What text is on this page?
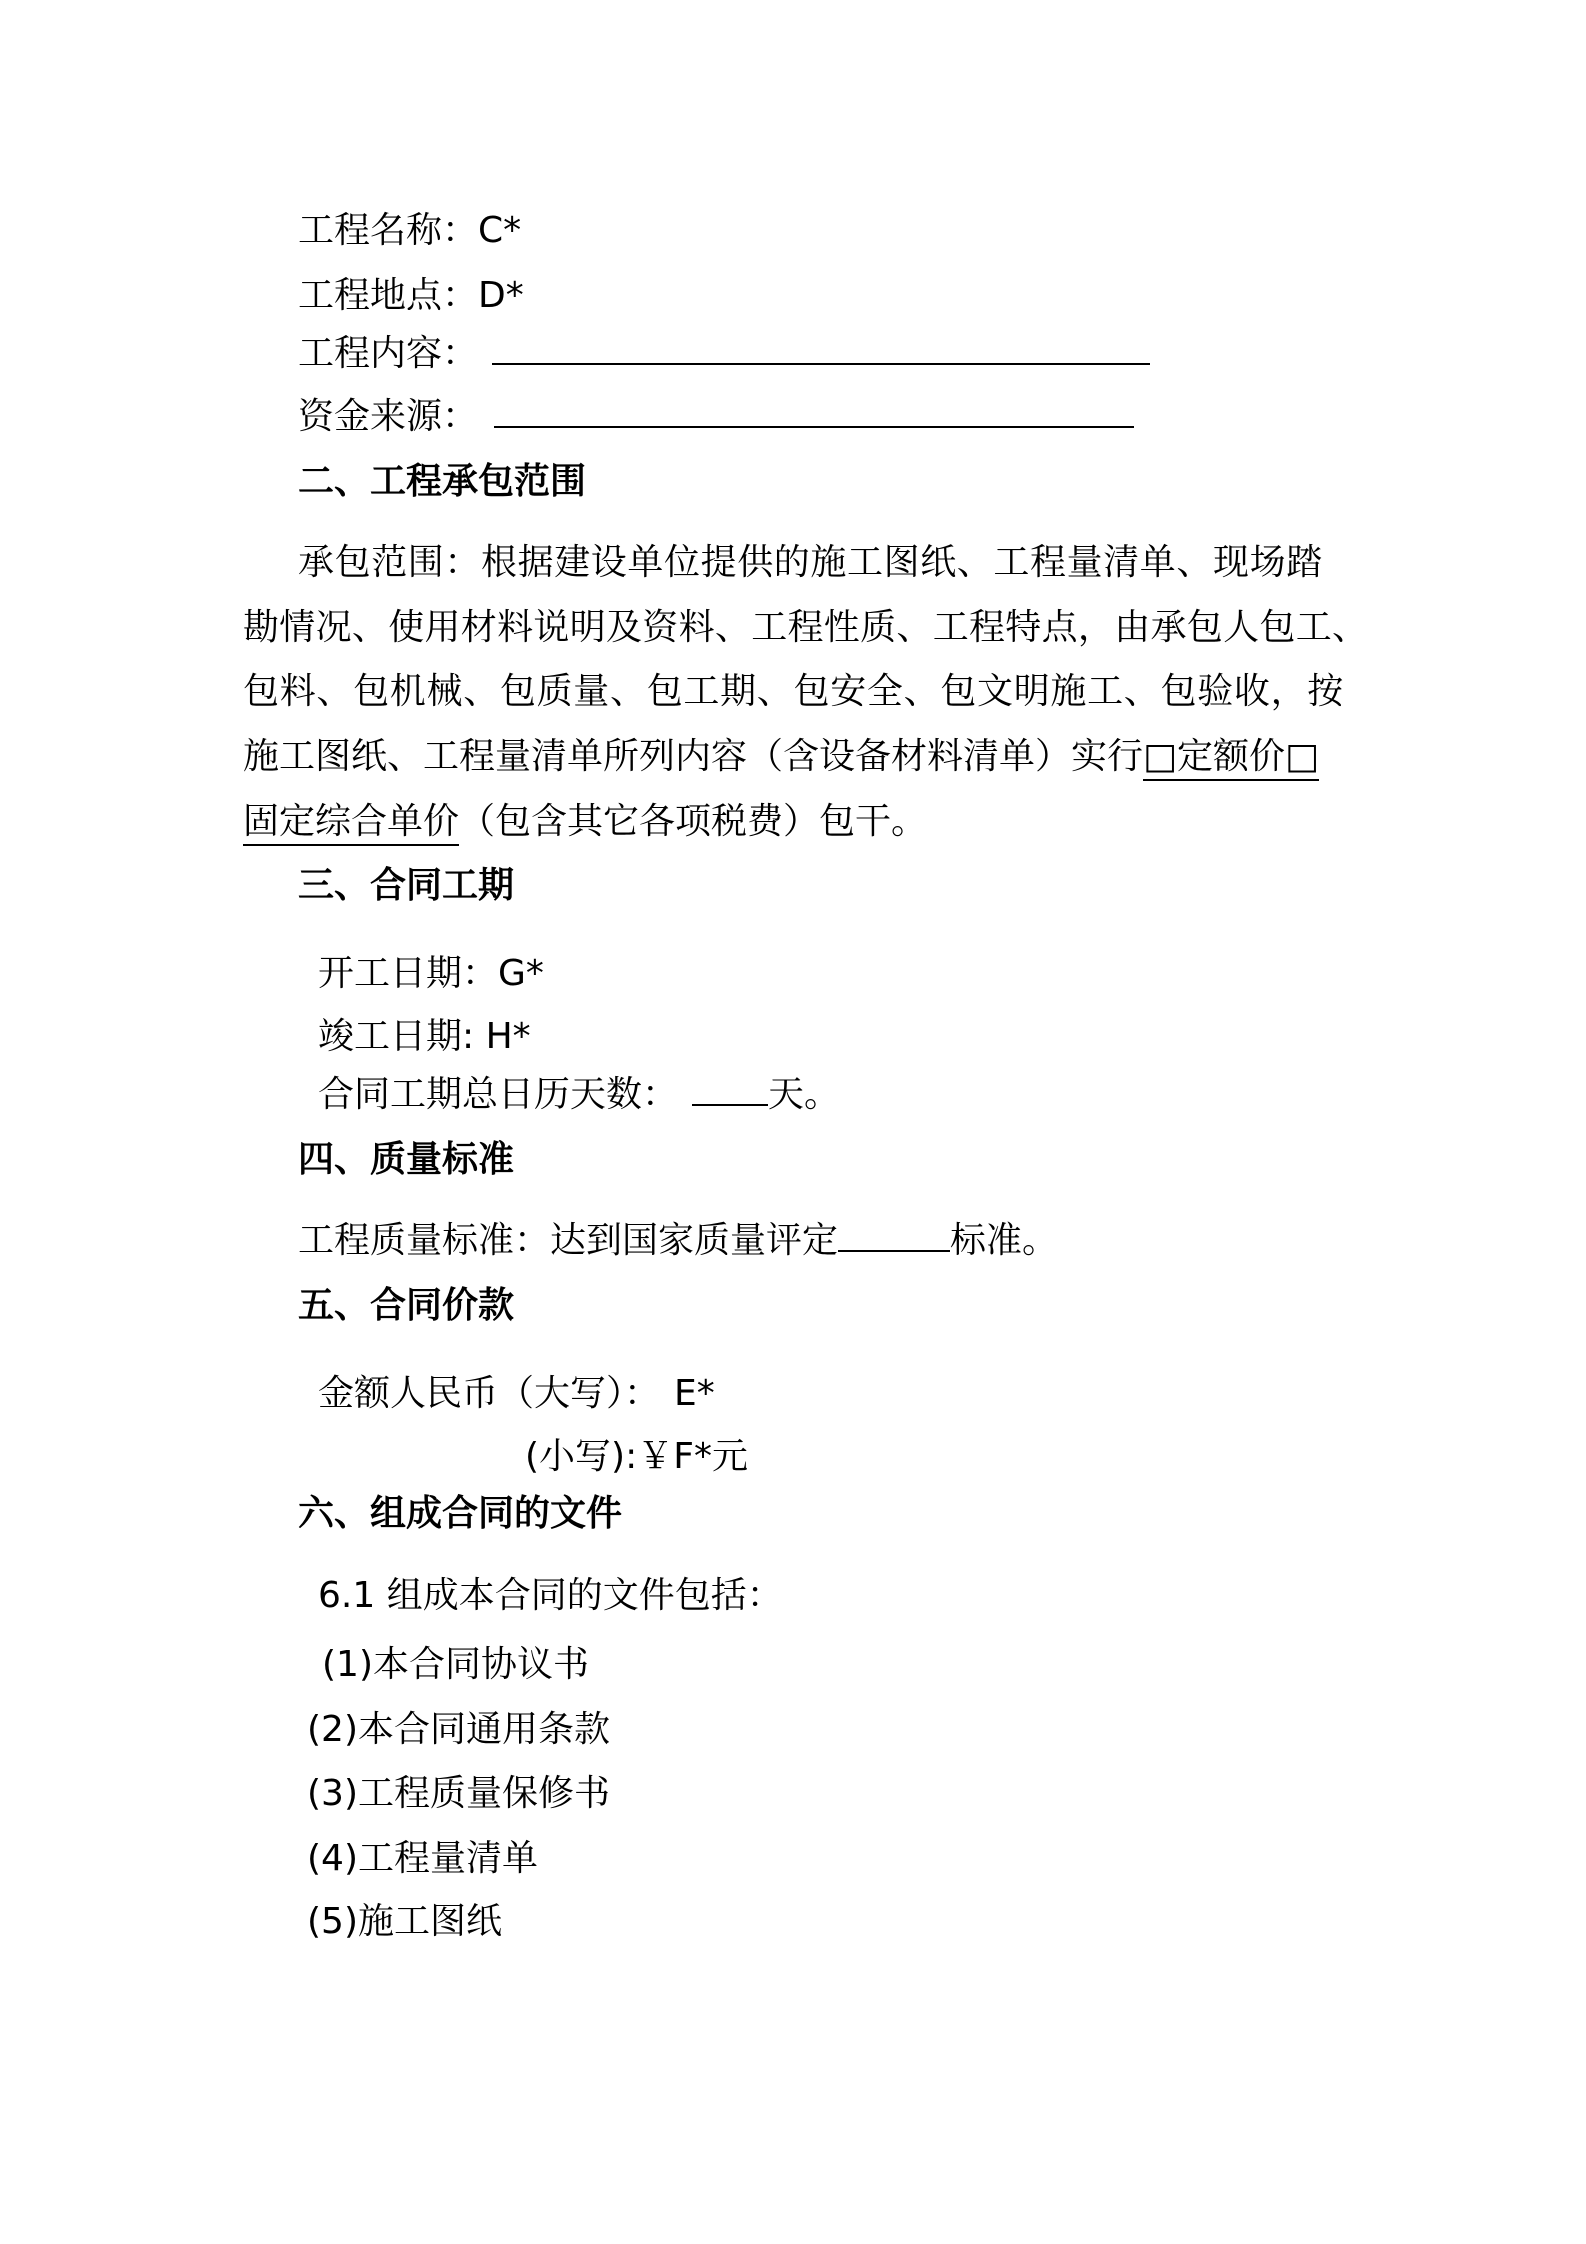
工程名称：C*
工程地点：D*
工程内容：
资金来源：
二、工程承包范围
承包范围：根据建设单位提供的施工图纸、工程量清单、现场踏
勘情况、使用材料说明及资料、工程性质、工程特点，由承包人包工、
包料、包机械、包质量、包工期、包安全、包文明施工、包验收，按
施工图纸、工程量清单所列内容（含设备材料清单）实行□定额价□
固定综合单价（包含其它各项税费）包干。
三、合同工期
开工日期：G*
竣工日期: H*
合同工期总日历天数：	天。
四、质量标准
工程质量标准：达到国家质量评定	标准。
五、合同价款
金额人民币（大写）： E*
(小写):￥F*元
六、组成合同的文件
6.1 组成本合同的文件包括：
(1)本合同协议书
(2)本合同通用条款
(3)工程质量保修书
(4)工程量清单
(5)施工图纸
